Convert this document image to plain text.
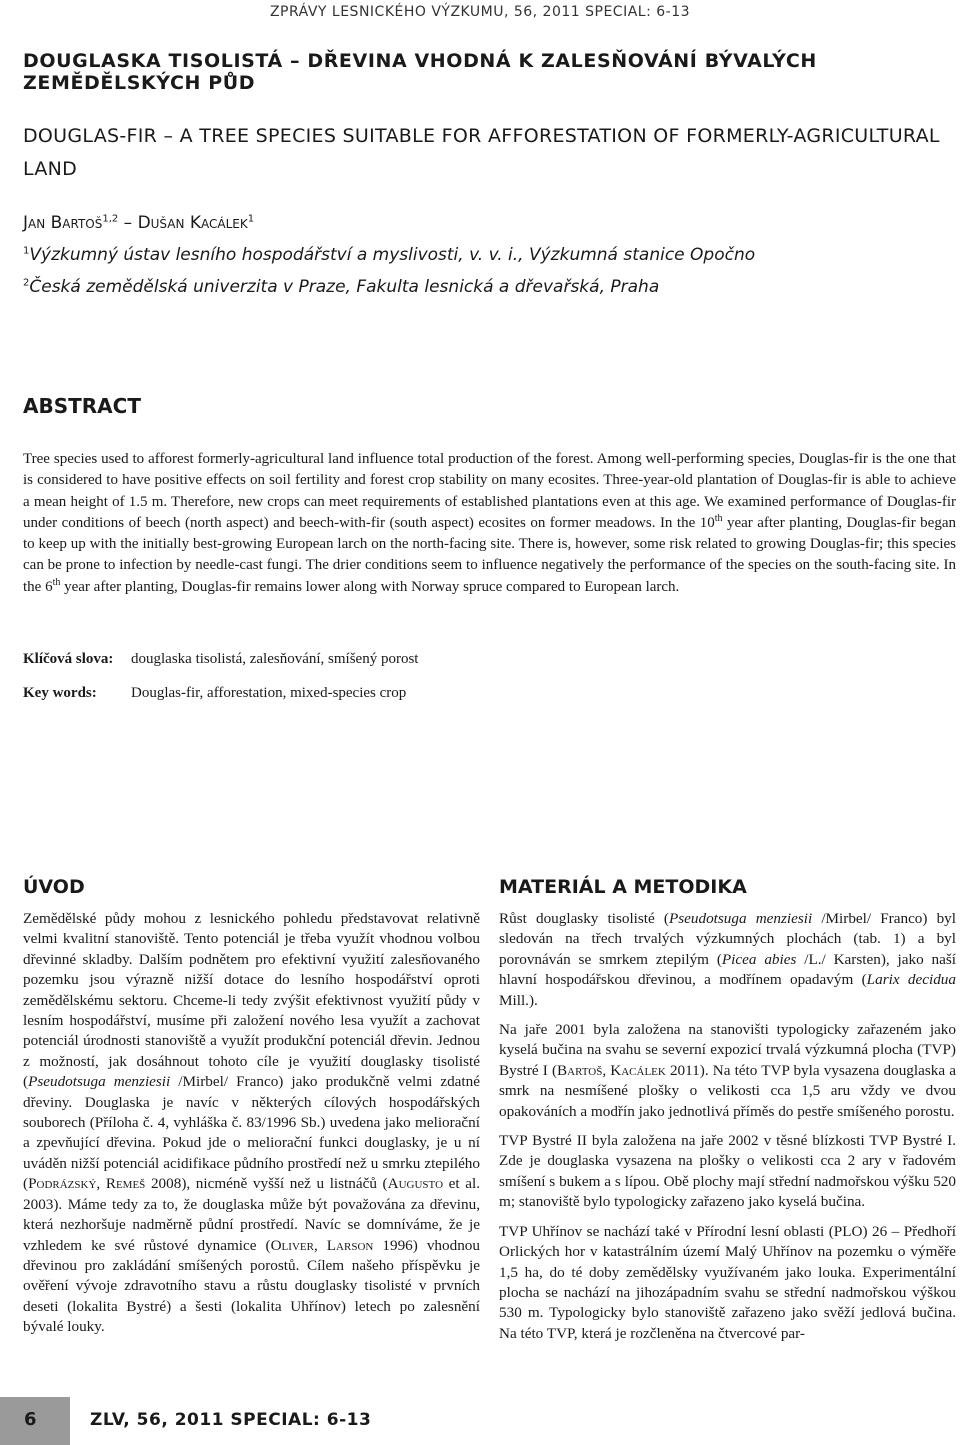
ZPRÁVY LESNICKÉHO VÝZKUMU, 56, 2011 SPECIAL: 6-13
DOUGLASKA TISOLISTÁ – DŘEVINA VHODNÁ K ZALESŇOVÁNÍ BÝVALÝCH ZEMĚDĚLSKÝCH PŮD
DOUGLAS-FIR – A TREE SPECIES SUITABLE FOR AFFORESTATION OF FORMERLY-AGRICULTURAL LAND
Jan Bartoš$^{1,2}$ – Dušan Kacálek$^1$
$^1$Výzkumný ústav lesního hospodářství a myslivosti, v. v. i., Výzkumná stanice Opočno
$^2$Česká zemědělská univerzita v Praze, Fakulta lesnická a dřevařská, Praha
ABSTRACT

Tree species used to afforest formerly-agricultural land influence total production of the forest. Among well-performing species, Douglas-fir is the one that is considered to have positive effects on soil fertility and forest crop stability on many ecosites. Three-year-old plantation of Douglas-fir is able to achieve a mean height of 1.5 m. Therefore, new crops can meet requirements of established plantations even at this age. We examined performance of Douglas-fir under conditions of beech (north aspect) and beech-with-fir (south aspect) ecosites on former meadows. In the 10th year after planting, Douglas-fir began to keep up with the initially best-growing European larch on the north-facing site. There is, however, some risk related to growing Douglas-fir; this species can be prone to infection by needle-cast fungi. The drier conditions seem to influence negatively the performance of the species on the south-facing site. In the 6th year after planting, Douglas-fir remains lower along with Norway spruce compared to European larch.

Klíčová slova: douglaska tisolistá, zalesňování, smíšený porost
Key words: Douglas-fir, afforestation, mixed-species crop
ÚVOD

Zemědělské půdy mohou z lesnického pohledu představovat relativně velmi kvalitní stanoviště. Tento potenciál je třeba využít vhodnou volbou dřevinné skladby. Dalším podnětem pro efektivní využití zalesňovaného pozemku jsou výrazně nižší dotace do lesního hospodářství oproti zemědělskému sektoru. Chceme-li tedy zvýšit efektivnost využití půdy v lesním hospodářství, musíme při založení nového lesa využít a zachovat potenciál úrodnosti stanoviště a využít produkční potenciál dřevin. Jednou z možností, jak dosáhnout tohoto cíle je využití douglasky tisolisté (Pseudotsuga menziesii /Mirbel/ Franco) jako produkčně velmi zdatné dřeviny. Douglaska je navíc v některých cílových hospodářských souborech (Příloha č. 4, vyhláška č. 83/1996 Sb.) uvedena jako meliorační a zpevňující dřevina. Pokud jde o meliorační funkci douglasky, je u ní uváděn nižší potenciál acidifikace půdního prostředí než u smrku ztepilého (Podrázský, Remeš 2008), nicméně vyšší než u listnáčů (Augusto et al. 2003). Máme tedy za to, že douglaska může být považována za dřevinu, která nezhoršuje nadměrně půdní prostředí. Navíc se domníváme, že je vzhledem ke své růstové dynamice (Oliver, Larson 1996) vhodnou dřevinou pro zakládání smíšených porostů. Cílem našeho příspěvku je ověření vývoje zdravotního stavu a růstu douglasky tisolisté v prvních deseti (lokalita Bystré) a šesti (lokalita Uhřínov) letech po zalesnění bývalé louky.

MATERIÁL A METODIKA

Růst douglasky tisolisté (Pseudotsuga menziesii /Mirbel/ Franco) byl sledován na třech trvalých výzkumných plochách (tab. 1) a byl porovnáván se smrkem ztepilým (Picea abies /L./ Karsten), jako naší hlavní hospodářskou dřevinou, a modřínem opadavým (Larix decidua Mill.).

Na jaře 2001 byla založena na stanovišti typologicky zařazeném jako kyselá bučina na svahu se severní expozicí trvalá výzkumná plocha (TVP) Bystré I (Bartoš, Kacálek 2011). Na této TVP byla vysazena douglaska a smrk na nesmíšené plošky o velikosti cca 1,5 aru vždy ve dvou opakováních a modřín jako jednotlivá příměs do pestře smíšeného porostu.

TVP Bystré II byla založena na jaře 2002 v těsné blízkosti TVP Bystré I. Zde je douglaska vysazena na plošky o velikosti cca 2 ary v řadovém smíšení s bukem a s lípou. Obě plochy mají střední nadmořskou výšku 520 m; stanoviště bylo typologicky zařazeno jako kyselá bučina.

TVP Uhřínov se nachází také v Přírodní lesní oblasti (PLO) 26 – Předhoří Orlických hor v katastrálním území Malý Uhřínov na pozemku o výměře 1,5 ha, do té doby zemědělsky využívaném jako louka. Experimentální plocha se nachází na jihozápadním svahu se střední nadmořskou výškou 530 m. Typologicky bylo stanoviště zařazeno jako svěží jedlová bučina. Na této TVP, která je rozčleněna na čtvercové par-

6	ZLV, 56, 2011 SPECIAL: 6-13
